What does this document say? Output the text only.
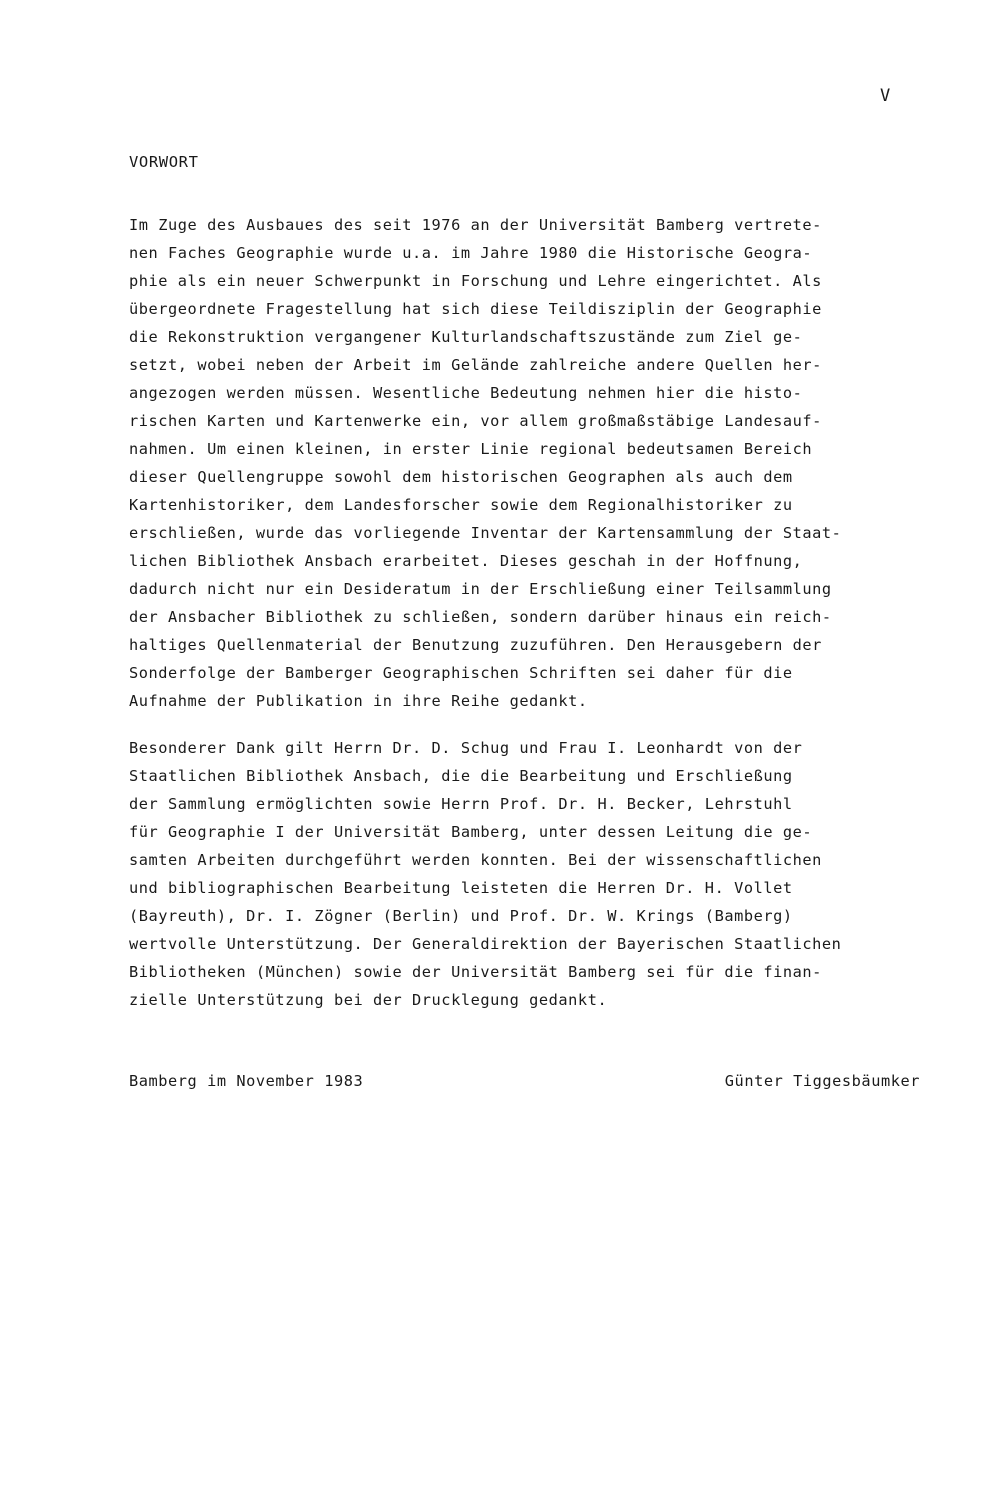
V
VORWORT
Im Zuge des Ausbaues des seit 1976 an der Universität Bamberg vertrete-
nen Faches Geographie wurde u.a. im Jahre 1980 die Historische Geogra-
phie als ein neuer Schwerpunkt in Forschung und Lehre eingerichtet. Als
übergeordnete Fragestellung hat sich diese Teildisziplin der Geographie
die Rekonstruktion vergangener Kulturlandschaftszustände zum Ziel ge-
setzt, wobei neben der Arbeit im Gelände zahlreiche andere Quellen her-
angezogen werden müssen. Wesentliche Bedeutung nehmen hier die histo-
rischen Karten und Kartenwerke ein, vor allem großmaßstäbige Landesauf-
nahmen. Um einen kleinen, in erster Linie regional bedeutsamen Bereich
dieser Quellengruppe sowohl dem historischen Geographen als auch dem
Kartenhistoriker, dem Landesforscher sowie dem Regionalhistoriker zu
erschließen, wurde das vorliegende Inventar der Kartensammlung der Staat-
lichen Bibliothek Ansbach erarbeitet. Dieses geschah in der Hoffnung,
dadurch nicht nur ein Desideratum in der Erschließung einer Teilsammlung
der Ansbacher Bibliothek zu schließen, sondern darüber hinaus ein reich-
haltiges Quellenmaterial der Benutzung zuzuführen. Den Herausgebern der
Sonderfolge der Bamberger Geographischen Schriften sei daher für die
Aufnahme der Publikation in ihre Reihe gedankt.
Besonderer Dank gilt Herrn Dr. D. Schug und Frau I. Leonhardt von der
Staatlichen Bibliothek Ansbach, die die Bearbeitung und Erschließung
der Sammlung ermöglichten sowie Herrn Prof. Dr. H. Becker, Lehrstuhl
für Geographie I der Universität Bamberg, unter dessen Leitung die ge-
samten Arbeiten durchgeführt werden konnten. Bei der wissenschaftlichen
und bibliographischen Bearbeitung leisteten die Herren Dr. H. Vollet
(Bayreuth), Dr. I. Zögner (Berlin) und Prof. Dr. W. Krings (Bamberg)
wertvolle Unterstützung. Der Generaldirektion der Bayerischen Staatlichen
Bibliotheken (München) sowie der Universität Bamberg sei für die finan-
zielle Unterstützung bei der Drucklegung gedankt.
Bamberg im November 1983	Günter Tiggesbäumker
